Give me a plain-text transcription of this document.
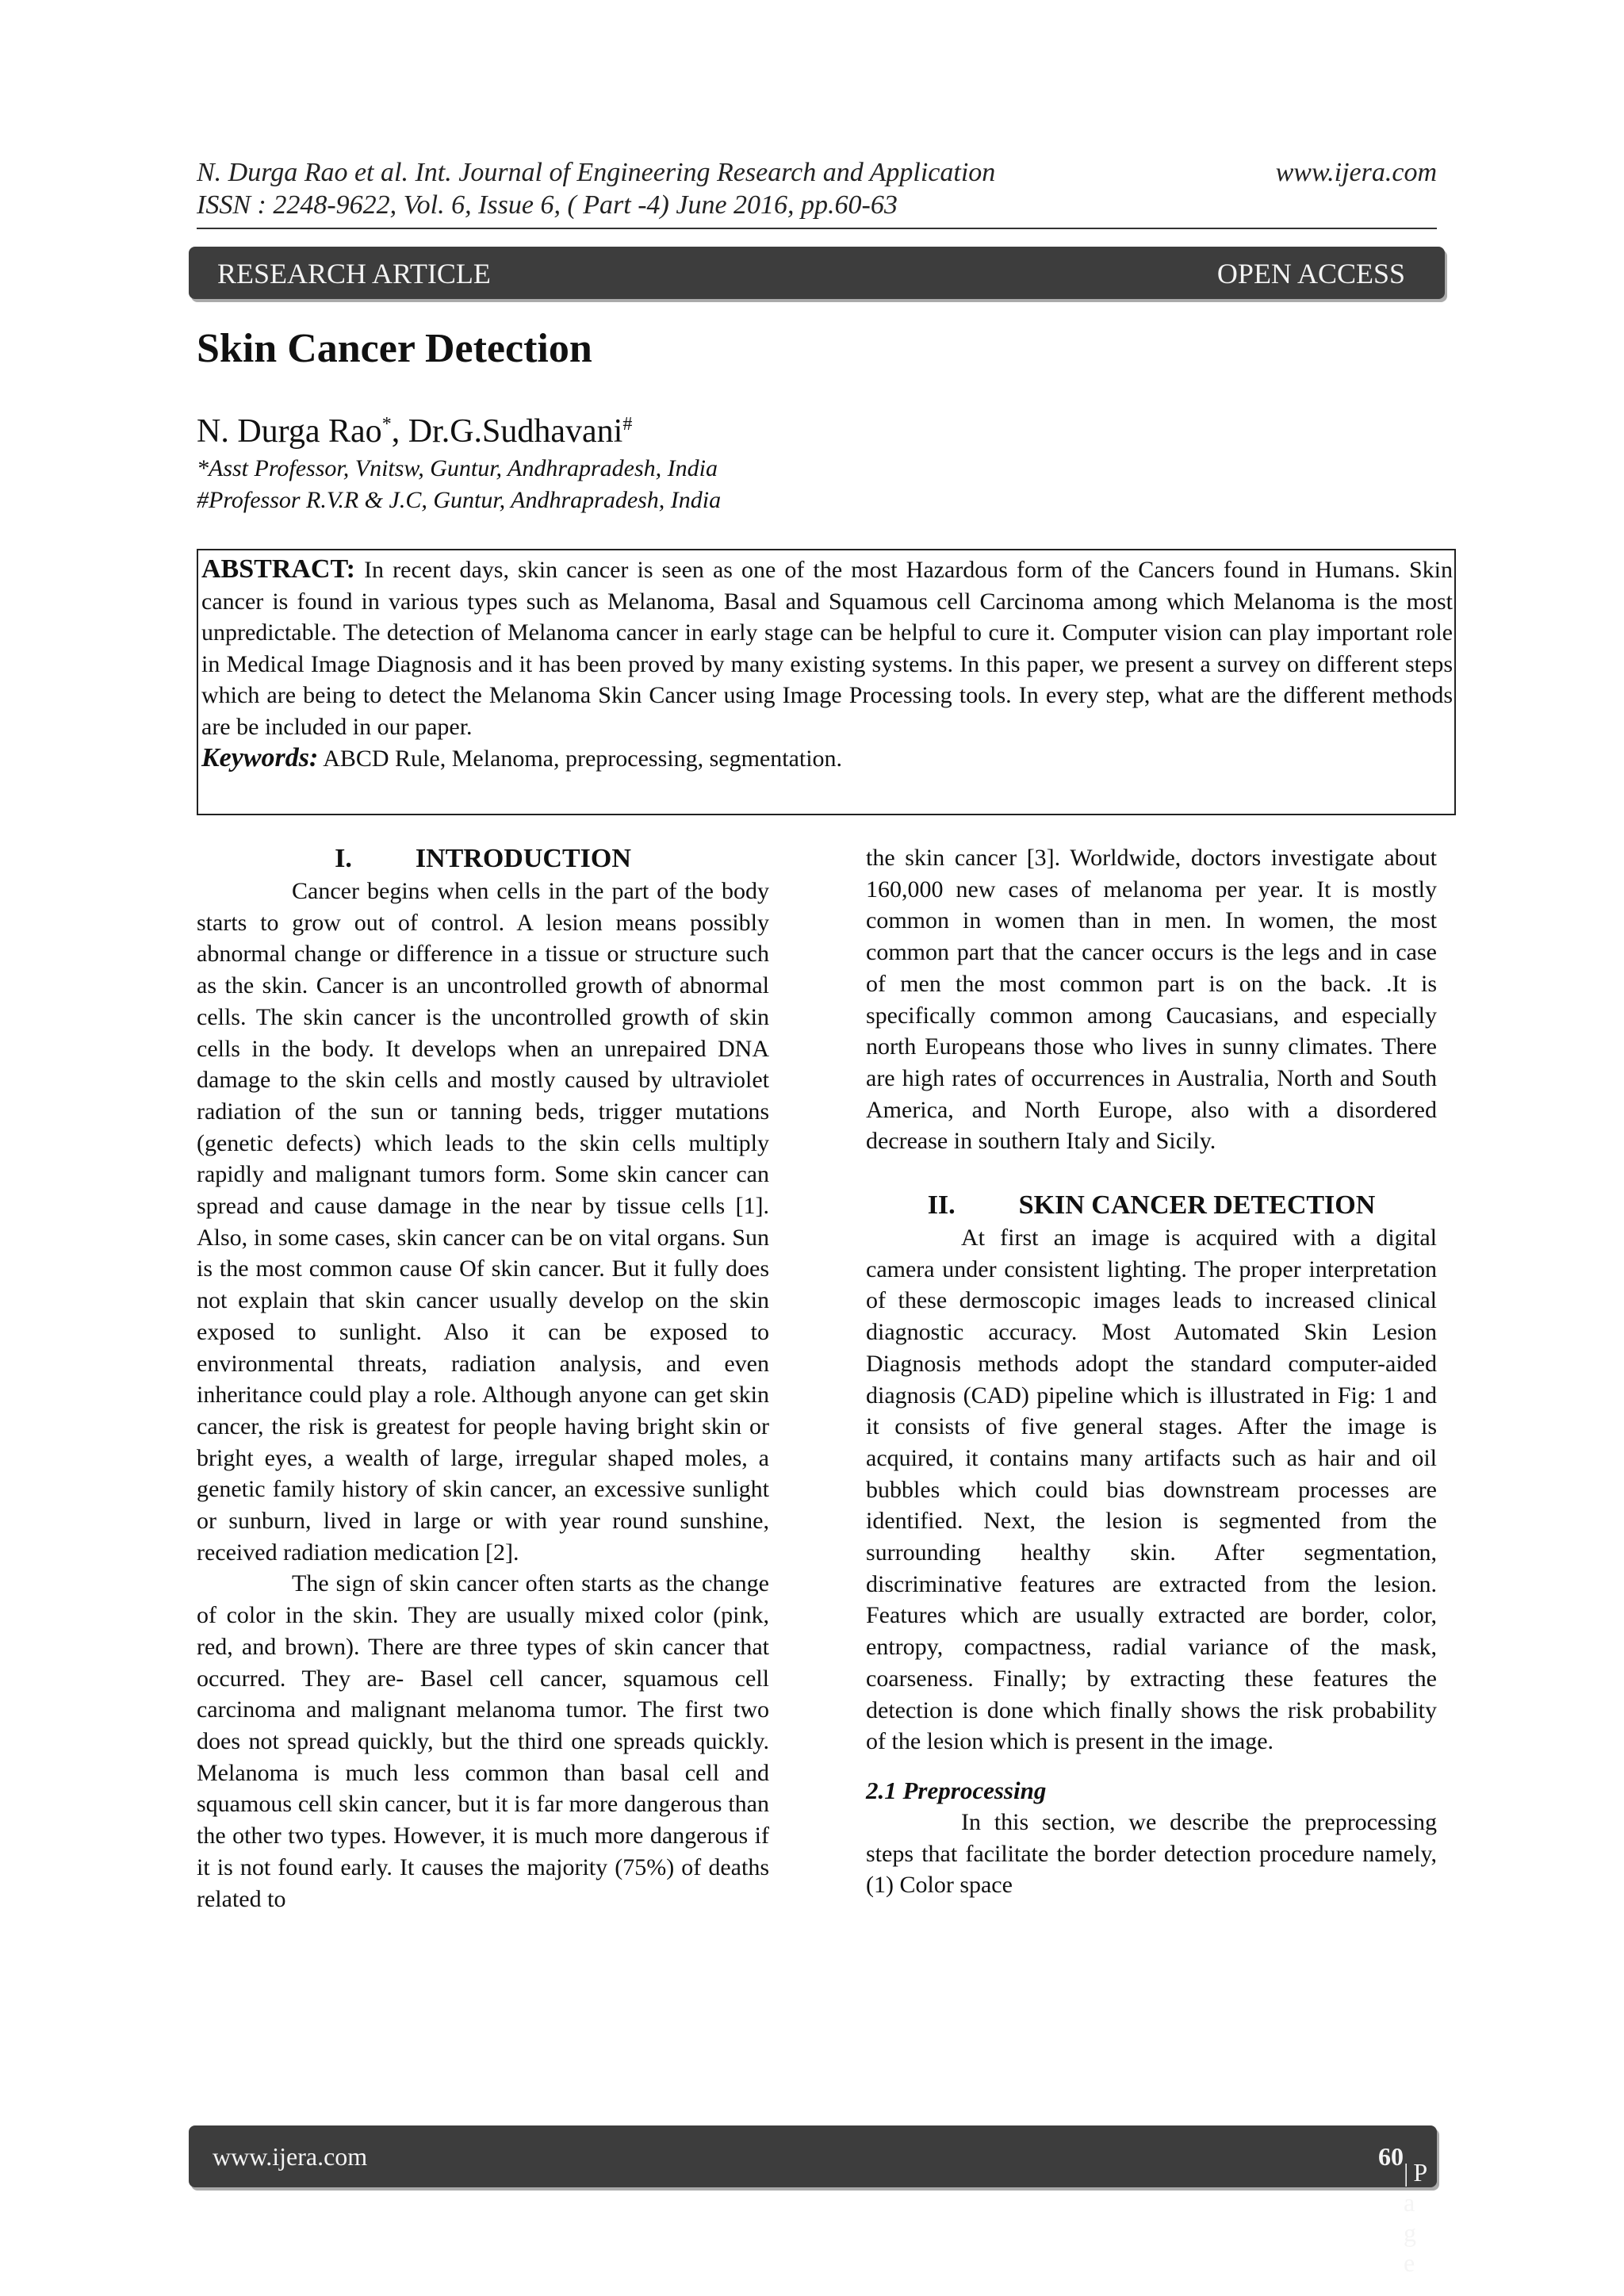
N. Durga Rao et al. Int. Journal of Engineering Research and Application
ISSN : 2248-9622, Vol. 6, Issue 6, ( Part -4) June 2016, pp.60-63
www.ijera.com
RESEARCH ARTICLE	OPEN ACCESS
Skin Cancer Detection
N. Durga Rao*, Dr.G.Sudhavani#
*Asst Professor, Vnitsw, Guntur, Andhrapradesh, India
#Professor R.V.R & J.C, Guntur, Andhrapradesh, India

ABSTRACT: In recent days, skin cancer is seen as one of the most Hazardous form of the Cancers found in Humans. Skin cancer is found in various types such as Melanoma, Basal and Squamous cell Carcinoma among which Melanoma is the most unpredictable. The detection of Melanoma cancer in early stage can be helpful to cure it. Computer vision can play important role in Medical Image Diagnosis and it has been proved by many existing systems. In this paper, we present a survey on different steps which are being to detect the Melanoma Skin Cancer using Image Processing tools. In every step, what are the different methods are be included in our paper.

Keywords: ABCD Rule, Melanoma, preprocessing, segmentation.

I. INTRODUCTION

Cancer begins when cells in the part of the body starts to grow out of control. A lesion means possibly abnormal change or difference in a tissue or structure such as the skin. Cancer is an uncontrolled growth of abnormal cells. The skin cancer is the uncontrolled growth of skin cells in the body. It develops when an unrepaired DNA damage to the skin cells and mostly caused by ultraviolet radiation of the sun or tanning beds, trigger mutations (genetic defects) which leads to the skin cells multiply rapidly and malignant tumors form. Some skin cancer can spread and cause damage in the near by tissue cells [1]. Also, in some cases, skin cancer can be on vital organs. Sun is the most common cause Of skin cancer. But it fully does not explain that skin cancer usually develop on the skin exposed to sunlight. Also it can be exposed to environmental threats, radiation analysis, and even inheritance could play a role. Although anyone can get skin cancer, the risk is greatest for people having bright skin or bright eyes, a wealth of large, irregular shaped moles, a genetic family history of skin cancer, an excessive sunlight or sunburn, lived in large or with year round sunshine, received radiation medication [2].

The sign of skin cancer often starts as the change of color in the skin. They are usually mixed color (pink, red, and brown). There are three types of skin cancer that occurred. They are- Basel cell cancer, squamous cell carcinoma and malignant melanoma tumor. The first two does not spread quickly, but the third one spreads quickly. Melanoma is much less common than basal cell and squamous cell skin cancer, but it is far more dangerous than the other two types. However, it is much more dangerous if it is not found early. It causes the majority (75%) of deaths related to

the skin cancer [3]. Worldwide, doctors investigate about 160,000 new cases of melanoma per year. It is mostly common in women than in men. In women, the most common part that the cancer occurs is the legs and in case of men the most common part is on the back. .It is specifically common among Caucasians, and especially north Europeans those who lives in sunny climates. There are high rates of occurrences in Australia, North and South America, and North Europe, also with a disordered decrease in southern Italy and Sicily.

II. SKIN CANCER DETECTION

At first an image is acquired with a digital camera under consistent lighting. The proper interpretation of these dermoscopic images leads to increased clinical diagnostic accuracy. Most Automated Skin Lesion Diagnosis methods adopt the standard computer-aided diagnosis (CAD) pipeline which is illustrated in Fig: 1 and it consists of five general stages. After the image is acquired, it contains many artifacts such as hair and oil bubbles which could bias downstream processes are identified. Next, the lesion is segmented from the surrounding healthy skin. After segmentation, discriminative features are extracted from the lesion. Features which are usually extracted are border, color, entropy, compactness, radial variance of the mask, coarseness. Finally; by extracting these features the detection is done which finally shows the risk probability of the lesion which is present in the image.

2.1 Preprocessing

In this section, we describe the preprocessing steps that facilitate the border detection procedure namely, (1) Color space

www.ijera.com	60
|P a g e
